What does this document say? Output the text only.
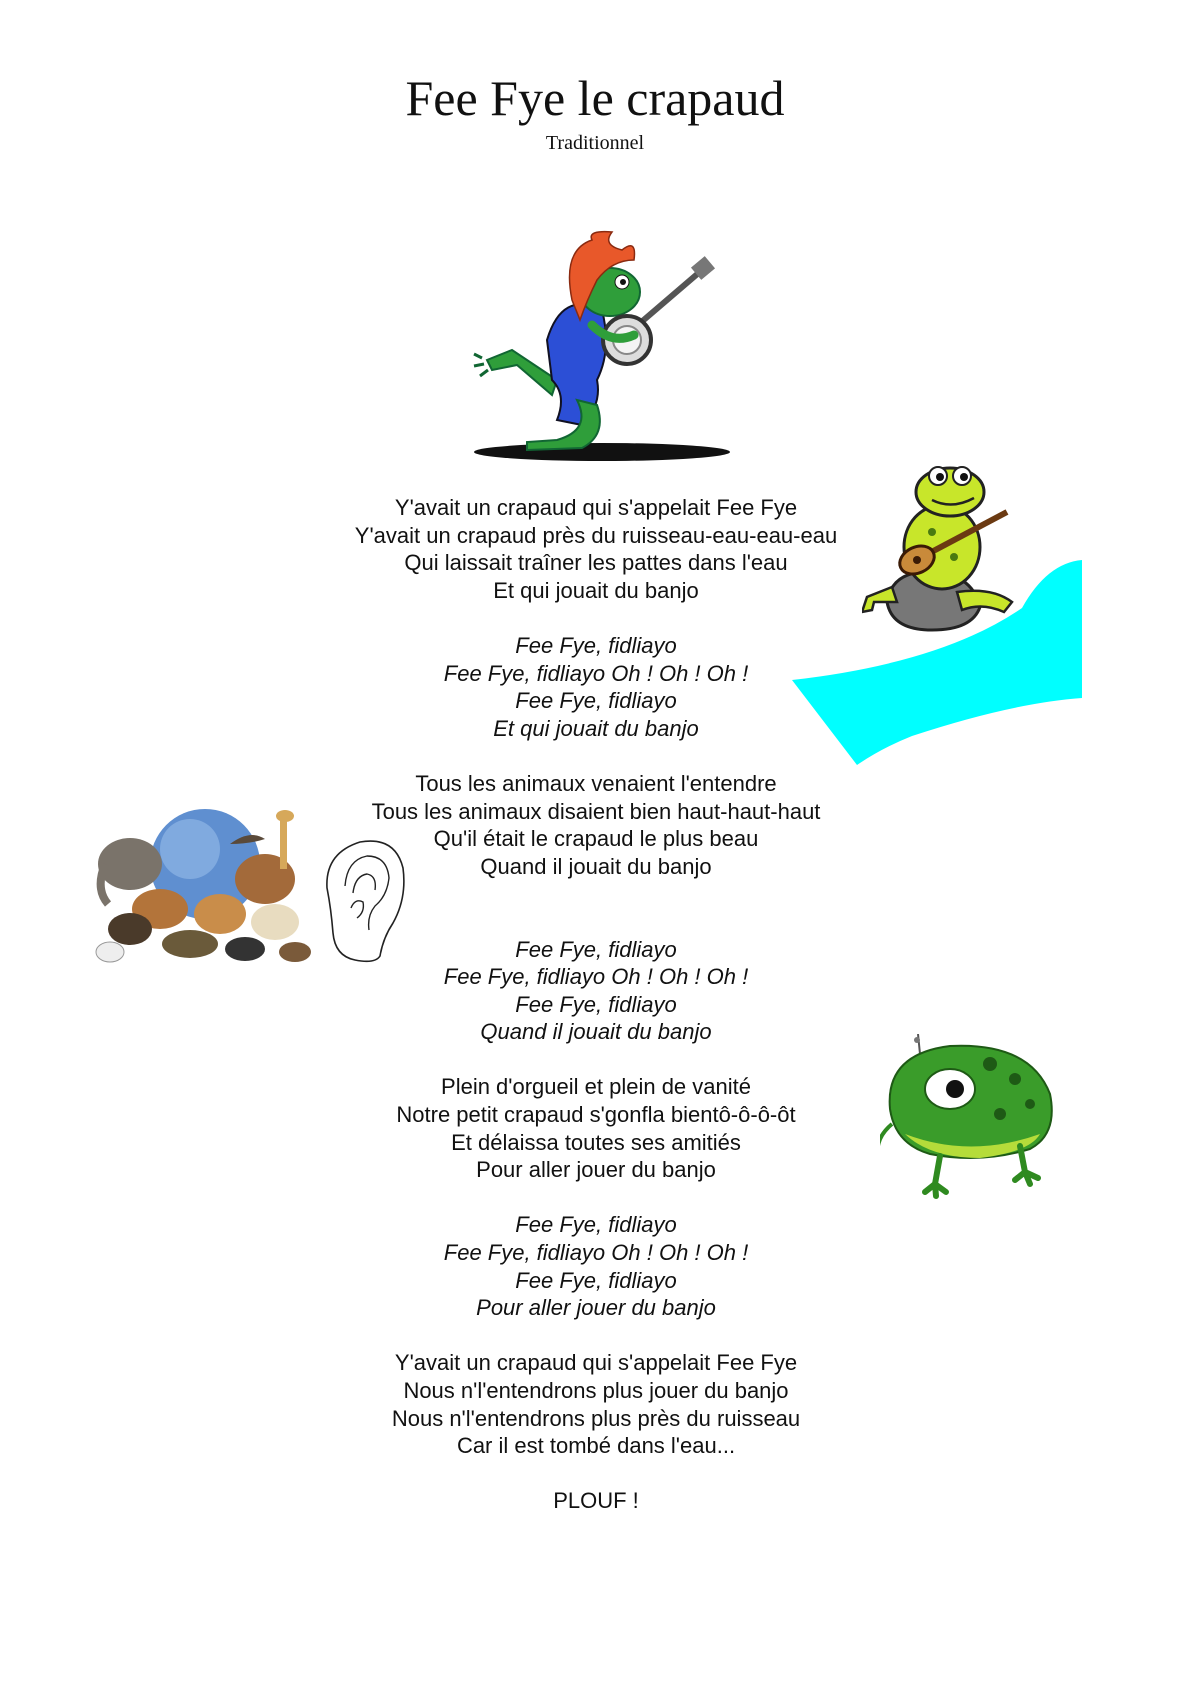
Fee Fye le crapaud
Traditionnel
Y'avait un crapaud qui s'appelait Fee Fye
Y'avait un crapaud près du ruisseau-eau-eau-eau
Qui laissait traîner les pattes dans l'eau
Et qui jouait du banjo
Fee Fye, fidliayo
Fee Fye, fidliayo Oh ! Oh ! Oh !
Fee Fye, fidliayo
Et qui jouait du banjo
Tous les animaux venaient l'entendre
Tous les animaux disaient bien haut-haut-haut
Qu'il était le crapaud le plus beau
Quand il jouait du banjo
Fee Fye, fidliayo
Fee Fye, fidliayo Oh ! Oh ! Oh !
Fee Fye, fidliayo
Quand il jouait du banjo
Plein d'orgueil et plein de vanité
Notre petit crapaud s'gonfla bientô-ô-ô-ôt
Et délaissa toutes ses amitiés
Pour aller jouer du banjo
Fee Fye, fidliayo
Fee Fye, fidliayo Oh ! Oh ! Oh !
Fee Fye, fidliayo
Pour aller jouer du banjo
Y'avait un crapaud qui s'appelait Fee Fye
Nous n'l'entendrons plus jouer du banjo
Nous n'l'entendrons plus près du ruisseau
Car il est tombé dans l'eau...
PLOUF !
